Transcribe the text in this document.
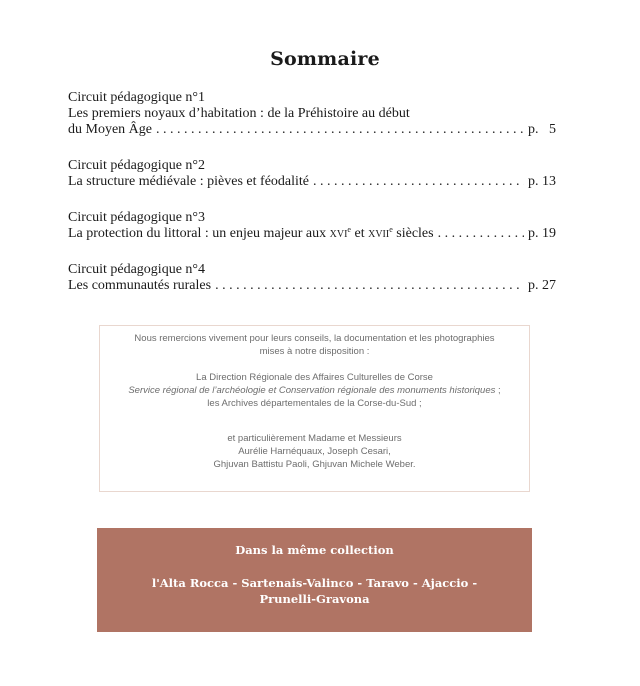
Sommaire
Circuit pédagogique n°1
Les premiers noyaux d’habitation : de la Préhistoire au début
du Moyen Âge . . .	p.   5
Circuit pédagogique n°2
La structure médiévale : pièves et féodalité . . .	p. 13
Circuit pédagogique n°3
La protection du littoral : un enjeu majeur aux xvi$^e$ et xvii$^e$ siècles . . .	p. 19
Circuit pédagogique n°4
Les communautés rurales . . .	p. 27

Nous remercions vivement pour leurs conseils, la documentation et les photographies

mises à notre disposition :

La Direction Régionale des Affaires Culturelles de Corse

Service régional de l’archéologie et Conservation régionale des monuments historiques ;

les Archives départementales de la Corse-du-Sud ;

et particulièrement Madame et Messieurs

Aurélie Harnéquaux, Joseph Cesari,

Ghjuvan Battistu Paoli, Ghjuvan Michele Weber.

Dans la même collection
l'Alta Rocca - Sartenais-Valinco - Taravo - Ajaccio - Prunelli-Gravona
